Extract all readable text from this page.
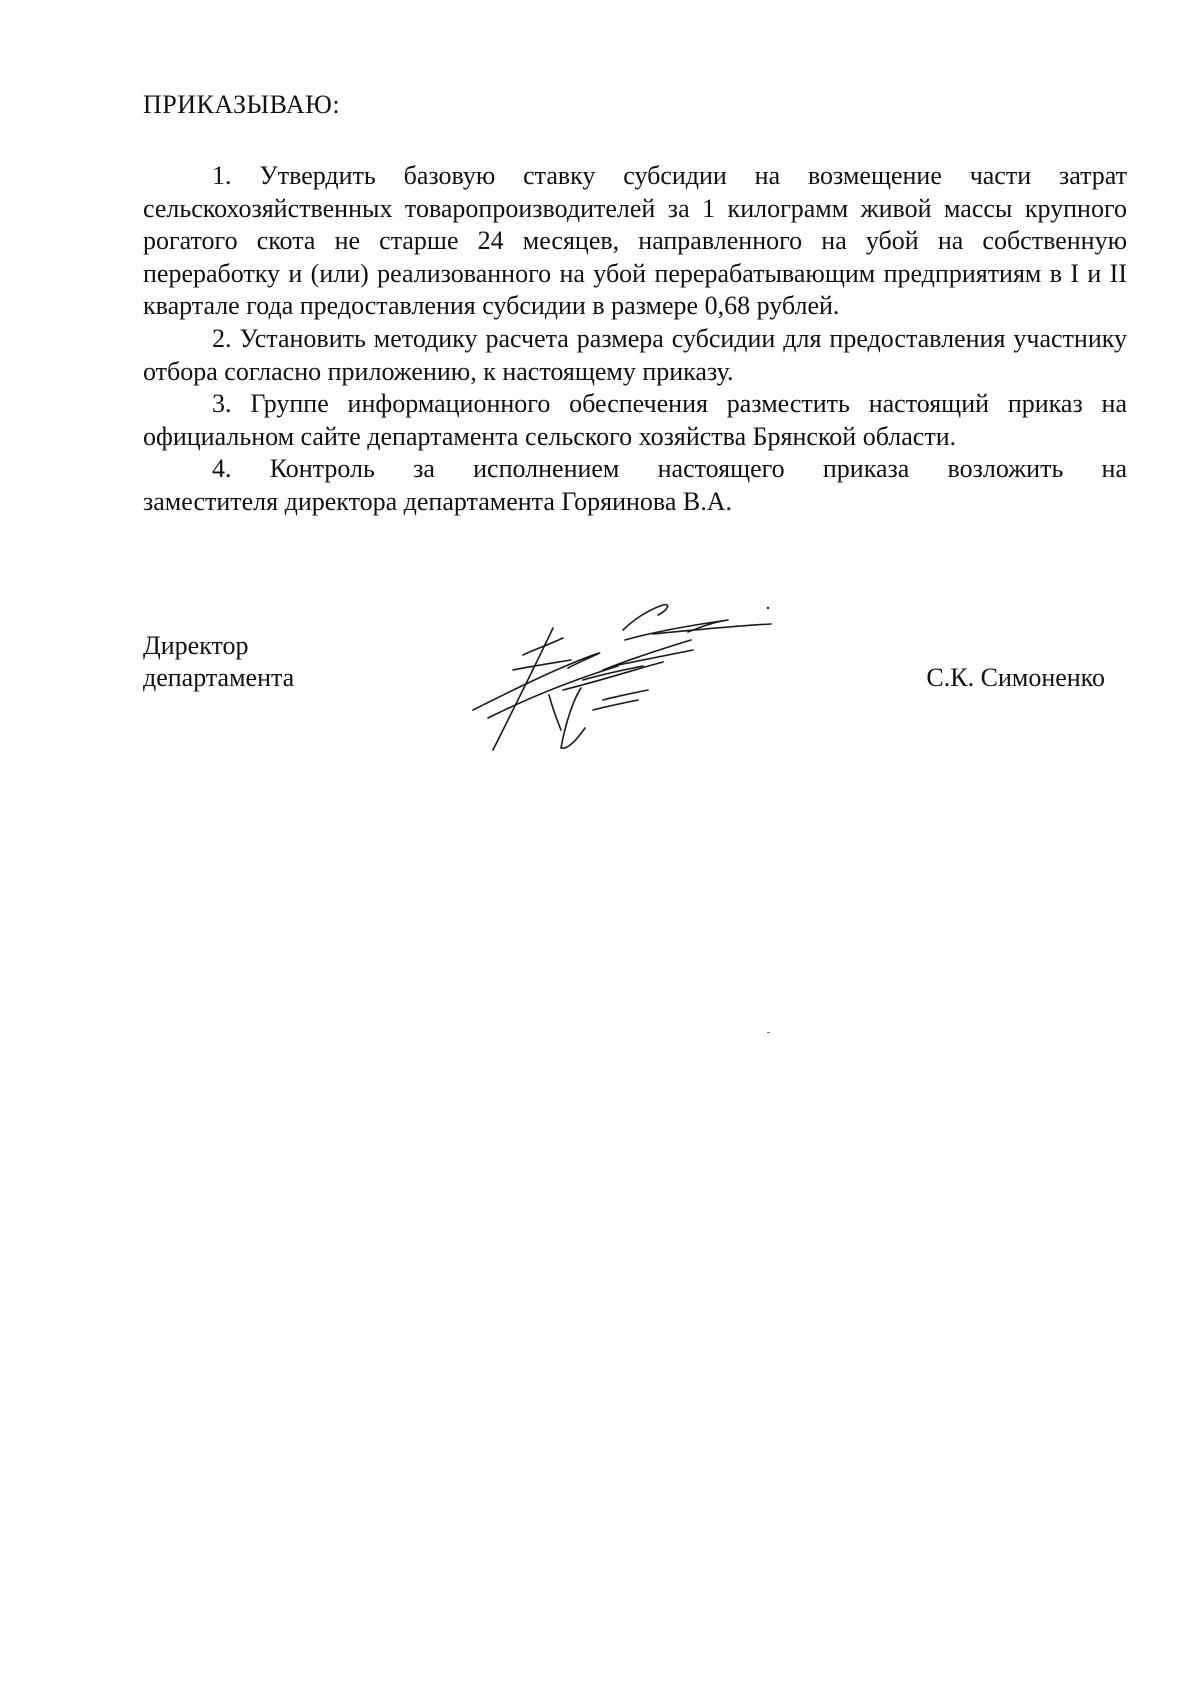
ПРИКАЗЫВАЮ:

1. Утвердить базовую ставку субсидии на возмещение части затрат сельскохозяйственных товаропроизводителей за 1 килограмм живой массы крупного рогатого скота не старше 24 месяцев, направленного на убой на собственную переработку и (или) реализованного на убой перерабатывающим предприятиям в I и II квартале года предоставления субсидии в размере 0,68 рублей.

2. Установить методику расчета размера субсидии для предоставления участнику отбора согласно приложению, к настоящему приказу.

3. Группе информационного обеспечения разместить настоящий приказ на официальном сайте департамента сельского хозяйства Брянской области.

4. Контроль за исполнением настоящего приказа возложить на
заместителя директора департамента Горяинова В.А.

Директор
департамента	С.К. Симоненко
